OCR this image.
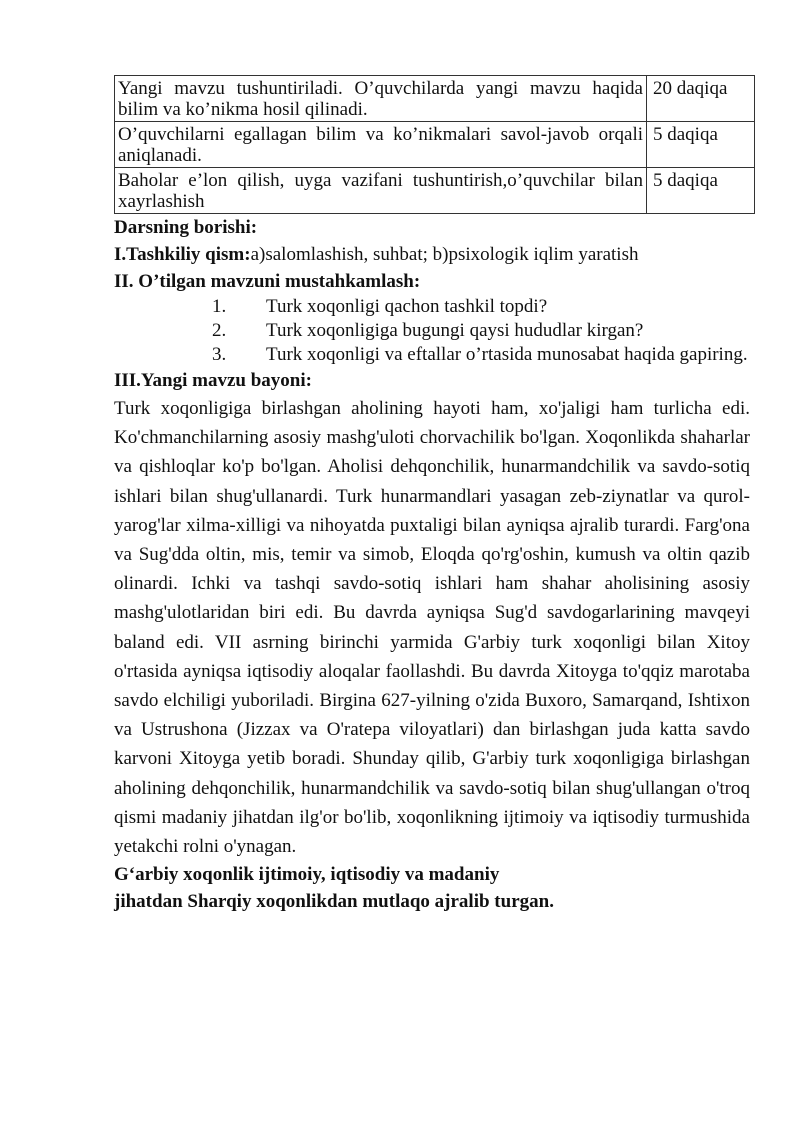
Yangi mavzu tushuntiriladi. O’quvchilarda yangi mavzu haqida bilim va ko’nikma hosil qilinadi.	20 daqiqa
O’quvchilarni egallagan bilim va ko’nikmalari savol-javob orqali aniqlanadi.	5 daqiqa
Baholar e’lon qilish, uyga vazifani tushuntirish,o’quvchilar bilan xayrlashish	5 daqiqa

Darsning borishi:

I.Tashkiliy qism:a)salomlashish, suhbat; b)psixologik iqlim yaratish

II. O’tilgan mavzuni mustahkamlash:

1. Turk xoqonligi qachon tashkil topdi?
2. Turk xoqonligiga bugungi qaysi hududlar kirgan?
3. Turk xoqonligi va eftallar o’rtasida munosabat haqida gapiring.

III.Yangi mavzu bayoni:

Turk xoqonligiga birlashgan aholining hayoti ham, xo'jaligi ham turlicha edi. Ko'chmanchilarning asosiy mashg'uloti chorvachilik bo'lgan. Xoqonlikda shaharlar va qishloqlar ko'p bo'lgan. Aholisi dehqonchilik, hunarmandchilik va savdo-sotiq ishlari bilan shug'ullanardi. Turk hunarmandlari yasagan zeb-ziynatlar va qurol-yarog'lar xilma-xilligi va nihoyatda puxtaligi bilan ayniqsa ajralib turardi. Farg'ona va Sug'dda oltin, mis, temir va simob, Eloqda qo'rg'oshin, kumush va oltin qazib olinardi. Ichki va tashqi savdo-sotiq ishlari ham shahar aholisining asosiy mashg'ulotlaridan biri edi. Bu davrda ayniqsa Sug'd savdogarlarining mavqeyi baland edi. VII asrning birinchi yarmida G'arbiy turk xoqonligi bilan Xitoy o'rtasida ayniqsa iqtisodiy aloqalar faollashdi. Bu davrda Xitoyga to'qqiz marotaba savdo elchiligi yuboriladi. Birgina 627-yilning o'zida Buxoro, Samarqand, Ishtixon va Ustrushona (Jizzax va O'ratepa viloyatlari) dan birlashgan juda katta savdo karvoni Xitoyga yetib boradi. Shunday qilib, G'arbiy turk xoqonligiga birlashgan aholining dehqonchilik, hunarmandchilik va savdo-sotiq bilan shug'ullangan o'troq qismi madaniy jihatdan ilg'or bo'lib, xoqonlikning ijtimoiy va iqtisodiy turmushida yetakchi rolni o'ynagan.

G‘arbiy xoqonlik ijtimoiy, iqtisodiy va madaniy

jihatdan Sharqiy xoqonlikdan mutlaqo ajralib turgan.
